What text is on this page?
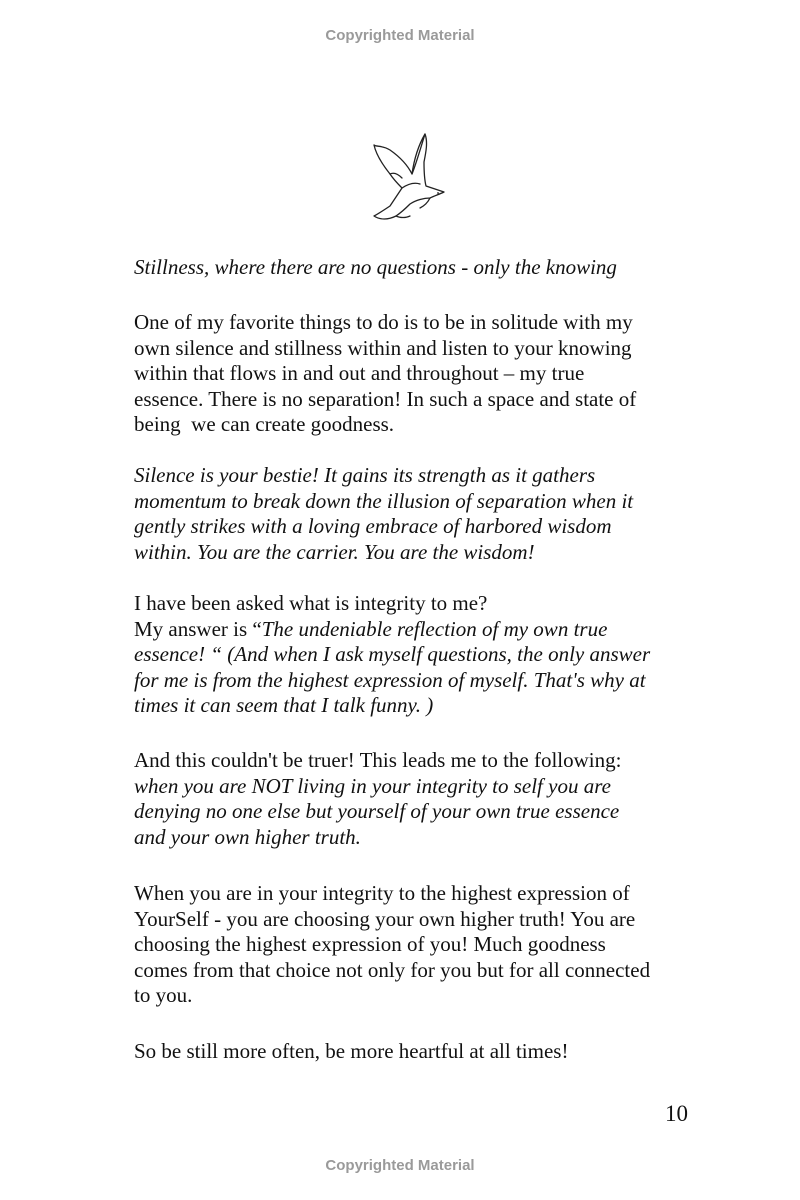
Copyrighted Material

Stillness, where there are no questions - only the knowing

One of my favorite things to do is to be in solitude with my

own silence and stillness within and listen to your knowing

within that flows in and out and throughout – my true

essence. There is no separation! In such a space and state of

being  we can create goodness.

Silence is your bestie! It gains its strength as it gathers

momentum to break down the illusion of separation when it

gently strikes with a loving embrace of harbored wisdom

within. You are the carrier. You are the wisdom!

I have been asked what is integrity to me?

My answer is “The undeniable reflection of my own true

essence! “ (And when I ask myself questions, the only answer

for me is from the highest expression of myself. That's why at

times it can seem that I talk funny. )

And this couldn't be truer! This leads me to the following:

when you are NOT living in your integrity to self you are

denying no one else but yourself of your own true essence

and your own higher truth.

When you are in your integrity to the highest expression of

YourSelf - you are choosing your own higher truth! You are

choosing the highest expression of you! Much goodness

comes from that choice not only for you but for all connected

to you.

So be still more often, be more heartful at all times!

10
Copyrighted Material
